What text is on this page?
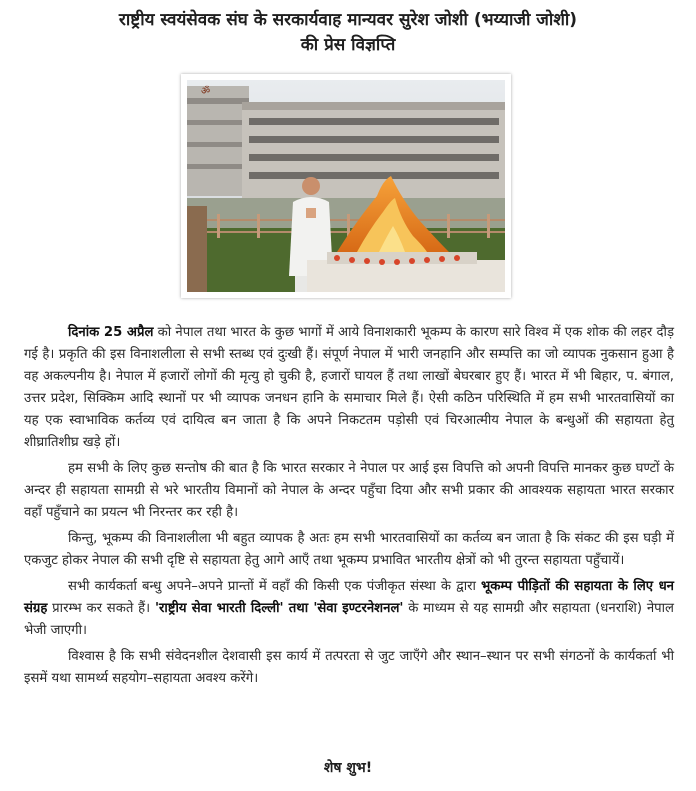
राष्ट्रीय स्वयंसेवक संघ के सरकार्यवाह मान्यवर सुरेश जोशी (भय्याजी जोशी)
की प्रेस विज्ञप्ति
ॐ

दिनांक 25 अप्रैल को नेपाल तथा भारत के कुछ भागों में आये विनाशकारी भूकम्प के कारण सारे विश्व में एक शोक की लहर दौड़ गई है। प्रकृति की इस विनाशलीला से सभी स्तब्ध एवं दुःखी हैं। संपूर्ण नेपाल में भारी जनहानि और सम्पत्ति का जो व्यापक नुकसान हुआ है वह अकल्पनीय है। नेपाल में हजारों लोगों की मृत्यु हो चुकी है, हजारों घायल हैं तथा लाखों बेघरबार हुए हैं। भारत में भी बिहार, प. बंगाल, उत्तर प्रदेश, सिक्किम आदि स्थानों पर भी व्यापक जनधन हानि के समाचार मिले हैं। ऐसी कठिन परिस्थिति में हम सभी भारतवासियों का यह एक स्वाभाविक कर्तव्य एवं दायित्व बन जाता है कि अपने निकटतम पड़ोसी एवं चिरआत्मीय नेपाल के बन्धुओं की सहायता हेतु शीघ्रातिशीघ्र खड़े हों।

हम सभी के लिए कुछ सन्तोष की बात है कि भारत सरकार ने नेपाल पर आई इस विपत्ति को अपनी विपत्ति मानकर कुछ घण्टों के अन्दर ही सहायता सामग्री से भरे भारतीय विमानों को नेपाल के अन्दर पहुँचा दिया और सभी प्रकार की आवश्यक सहायता भारत सरकार वहाँ पहुँचाने का प्रयत्न भी निरन्तर कर रही है।

किन्तु, भूकम्प की विनाशलीला भी बहुत व्यापक है अतः हम सभी भारतवासियों का कर्तव्य बन जाता है कि संकट की इस घड़ी में एकजुट होकर नेपाल की सभी दृष्टि से सहायता हेतु आगे आएँ तथा भूकम्प प्रभावित भारतीय क्षेत्रों को भी तुरन्त सहायता पहुँचायें।

सभी कार्यकर्ता बन्धु अपने–अपने प्रान्तों में वहाँ की किसी एक पंजीकृत संस्था के द्वारा भूकम्प पीड़ितों की सहायता के लिए धन संग्रह प्रारम्भ कर सकते हैं। 'राष्ट्रीय सेवा भारती दिल्ली' तथा 'सेवा इण्टरनेशनल' के माध्यम से यह सामग्री और सहायता (धनराशि) नेपाल भेजी जाएगी।

विश्वास है कि सभी संवेदनशील देशवासी इस कार्य में तत्परता से जुट जाएँगे और स्थान–स्थान पर सभी संगठनों के कार्यकर्ता भी इसमें यथा सामर्थ्य सहयोग–सहायता अवश्य करेंगे।

शेष शुभ!
